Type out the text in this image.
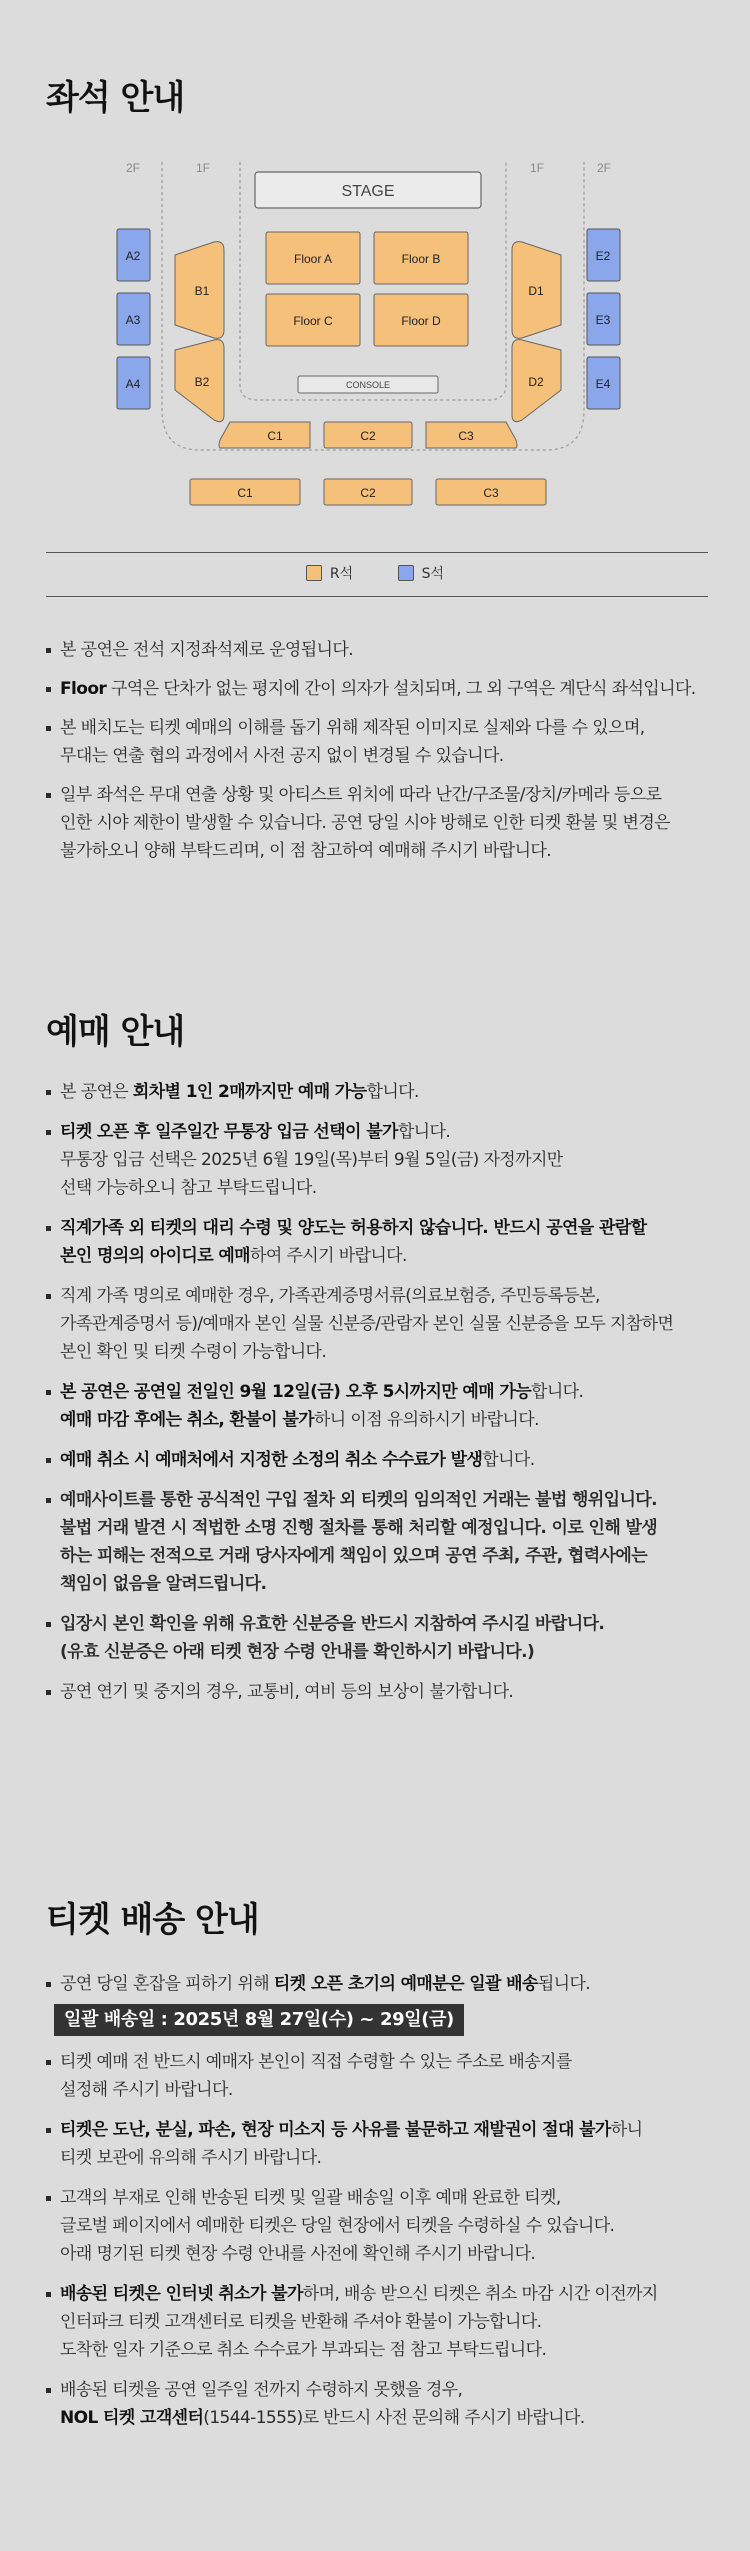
좌석 안내
2F	1F	1F	2F
STAGE
Floor A	Floor B
Floor C	Floor D
CONSOLE
A2
A3
A4
E2
E3
E4
B1
B2
D1
D2
C1	C2	C3
C1	C2	C3
R석
	S석
본 공연은 전석 지정좌석제로 운영됩니다.
Floor 구역은 단차가 없는 평지에 간이 의자가 설치되며, 그 외 구역은 계단식 좌석입니다.
본 배치도는 티켓 예매의 이해를 돕기 위해 제작된 이미지로 실제와 다를 수 있으며,
무대는 연출 협의 과정에서 사전 공지 없이 변경될 수 있습니다.
일부 좌석은 무대 연출 상황 및 아티스트 위치에 따라 난간/구조물/장치/카메라 등으로
인한 시야 제한이 발생할 수 있습니다. 공연 당일 시야 방해로 인한 티켓 환불 및 변경은
불가하오니 양해 부탁드리며, 이 점 참고하여 예매해 주시기 바랍니다.
예매 안내
본 공연은 회차별 1인 2매까지만 예매 가능합니다.
티켓 오픈 후 일주일간 무통장 입금 선택이 불가합니다.
무통장 입금 선택은 2025년 6월 19일(목)부터 9월 5일(금) 자정까지만
선택 가능하오니 참고 부탁드립니다.
직계가족 외 티켓의 대리 수령 및 양도는 허용하지 않습니다. 반드시 공연을 관람할
본인 명의의 아이디로 예매하여 주시기 바랍니다.
직계 가족 명의로 예매한 경우, 가족관계증명서류(의료보험증, 주민등록등본,
가족관계증명서 등)/예매자 본인 실물 신분증/관람자 본인 실물 신분증을 모두 지참하면
본인 확인 및 티켓 수령이 가능합니다.
본 공연은 공연일 전일인 9월 12일(금) 오후 5시까지만 예매 가능합니다.
예매 마감 후에는 취소, 환불이 불가하니 이점 유의하시기 바랍니다.
예매 취소 시 예매처에서 지정한 소정의 취소 수수료가 발생합니다.
예매사이트를 통한 공식적인 구입 절차 외 티켓의 임의적인 거래는 불법 행위입니다.
불법 거래 발견 시 적법한 소명 진행 절차를 통해 처리할 예정입니다. 이로 인해 발생
하는 피해는 전적으로 거래 당사자에게 책임이 있으며 공연 주최, 주관, 협력사에는
책임이 없음을 알려드립니다.
입장시 본인 확인을 위해 유효한 신분증을 반드시 지참하여 주시길 바랍니다.
(유효 신분증은 아래 티켓 현장 수령 안내를 확인하시기 바랍니다.)
공연 연기 및 중지의 경우, 교통비, 여비 등의 보상이 불가합니다.
티켓 배송 안내
공연 당일 혼잡을 피하기 위해 티켓 오픈 초기의 예매분은 일괄 배송됩니다.
일괄 배송일 : 2025년 8월 27일(수) ~ 29일(금)
티켓 예매 전 반드시 예매자 본인이 직접 수령할 수 있는 주소로 배송지를
설정해 주시기 바랍니다.
티켓은 도난, 분실, 파손, 현장 미소지 등 사유를 불문하고 재발권이 절대 불가하니
티켓 보관에 유의해 주시기 바랍니다.
고객의 부재로 인해 반송된 티켓 및 일괄 배송일 이후 예매 완료한 티켓,
글로벌 페이지에서 예매한 티켓은 당일 현장에서 티켓을 수령하실 수 있습니다.
아래 명기된 티켓 현장 수령 안내를 사전에 확인해 주시기 바랍니다.
배송된 티켓은 인터넷 취소가 불가하며, 배송 받으신 티켓은 취소 마감 시간 이전까지
인터파크 티켓 고객센터로 티켓을 반환해 주셔야 환불이 가능합니다.
도착한 일자 기준으로 취소 수수료가 부과되는 점 참고 부탁드립니다.
배송된 티켓을 공연 일주일 전까지 수령하지 못했을 경우,
NOL 티켓 고객센터(1544-1555)로 반드시 사전 문의해 주시기 바랍니다.
